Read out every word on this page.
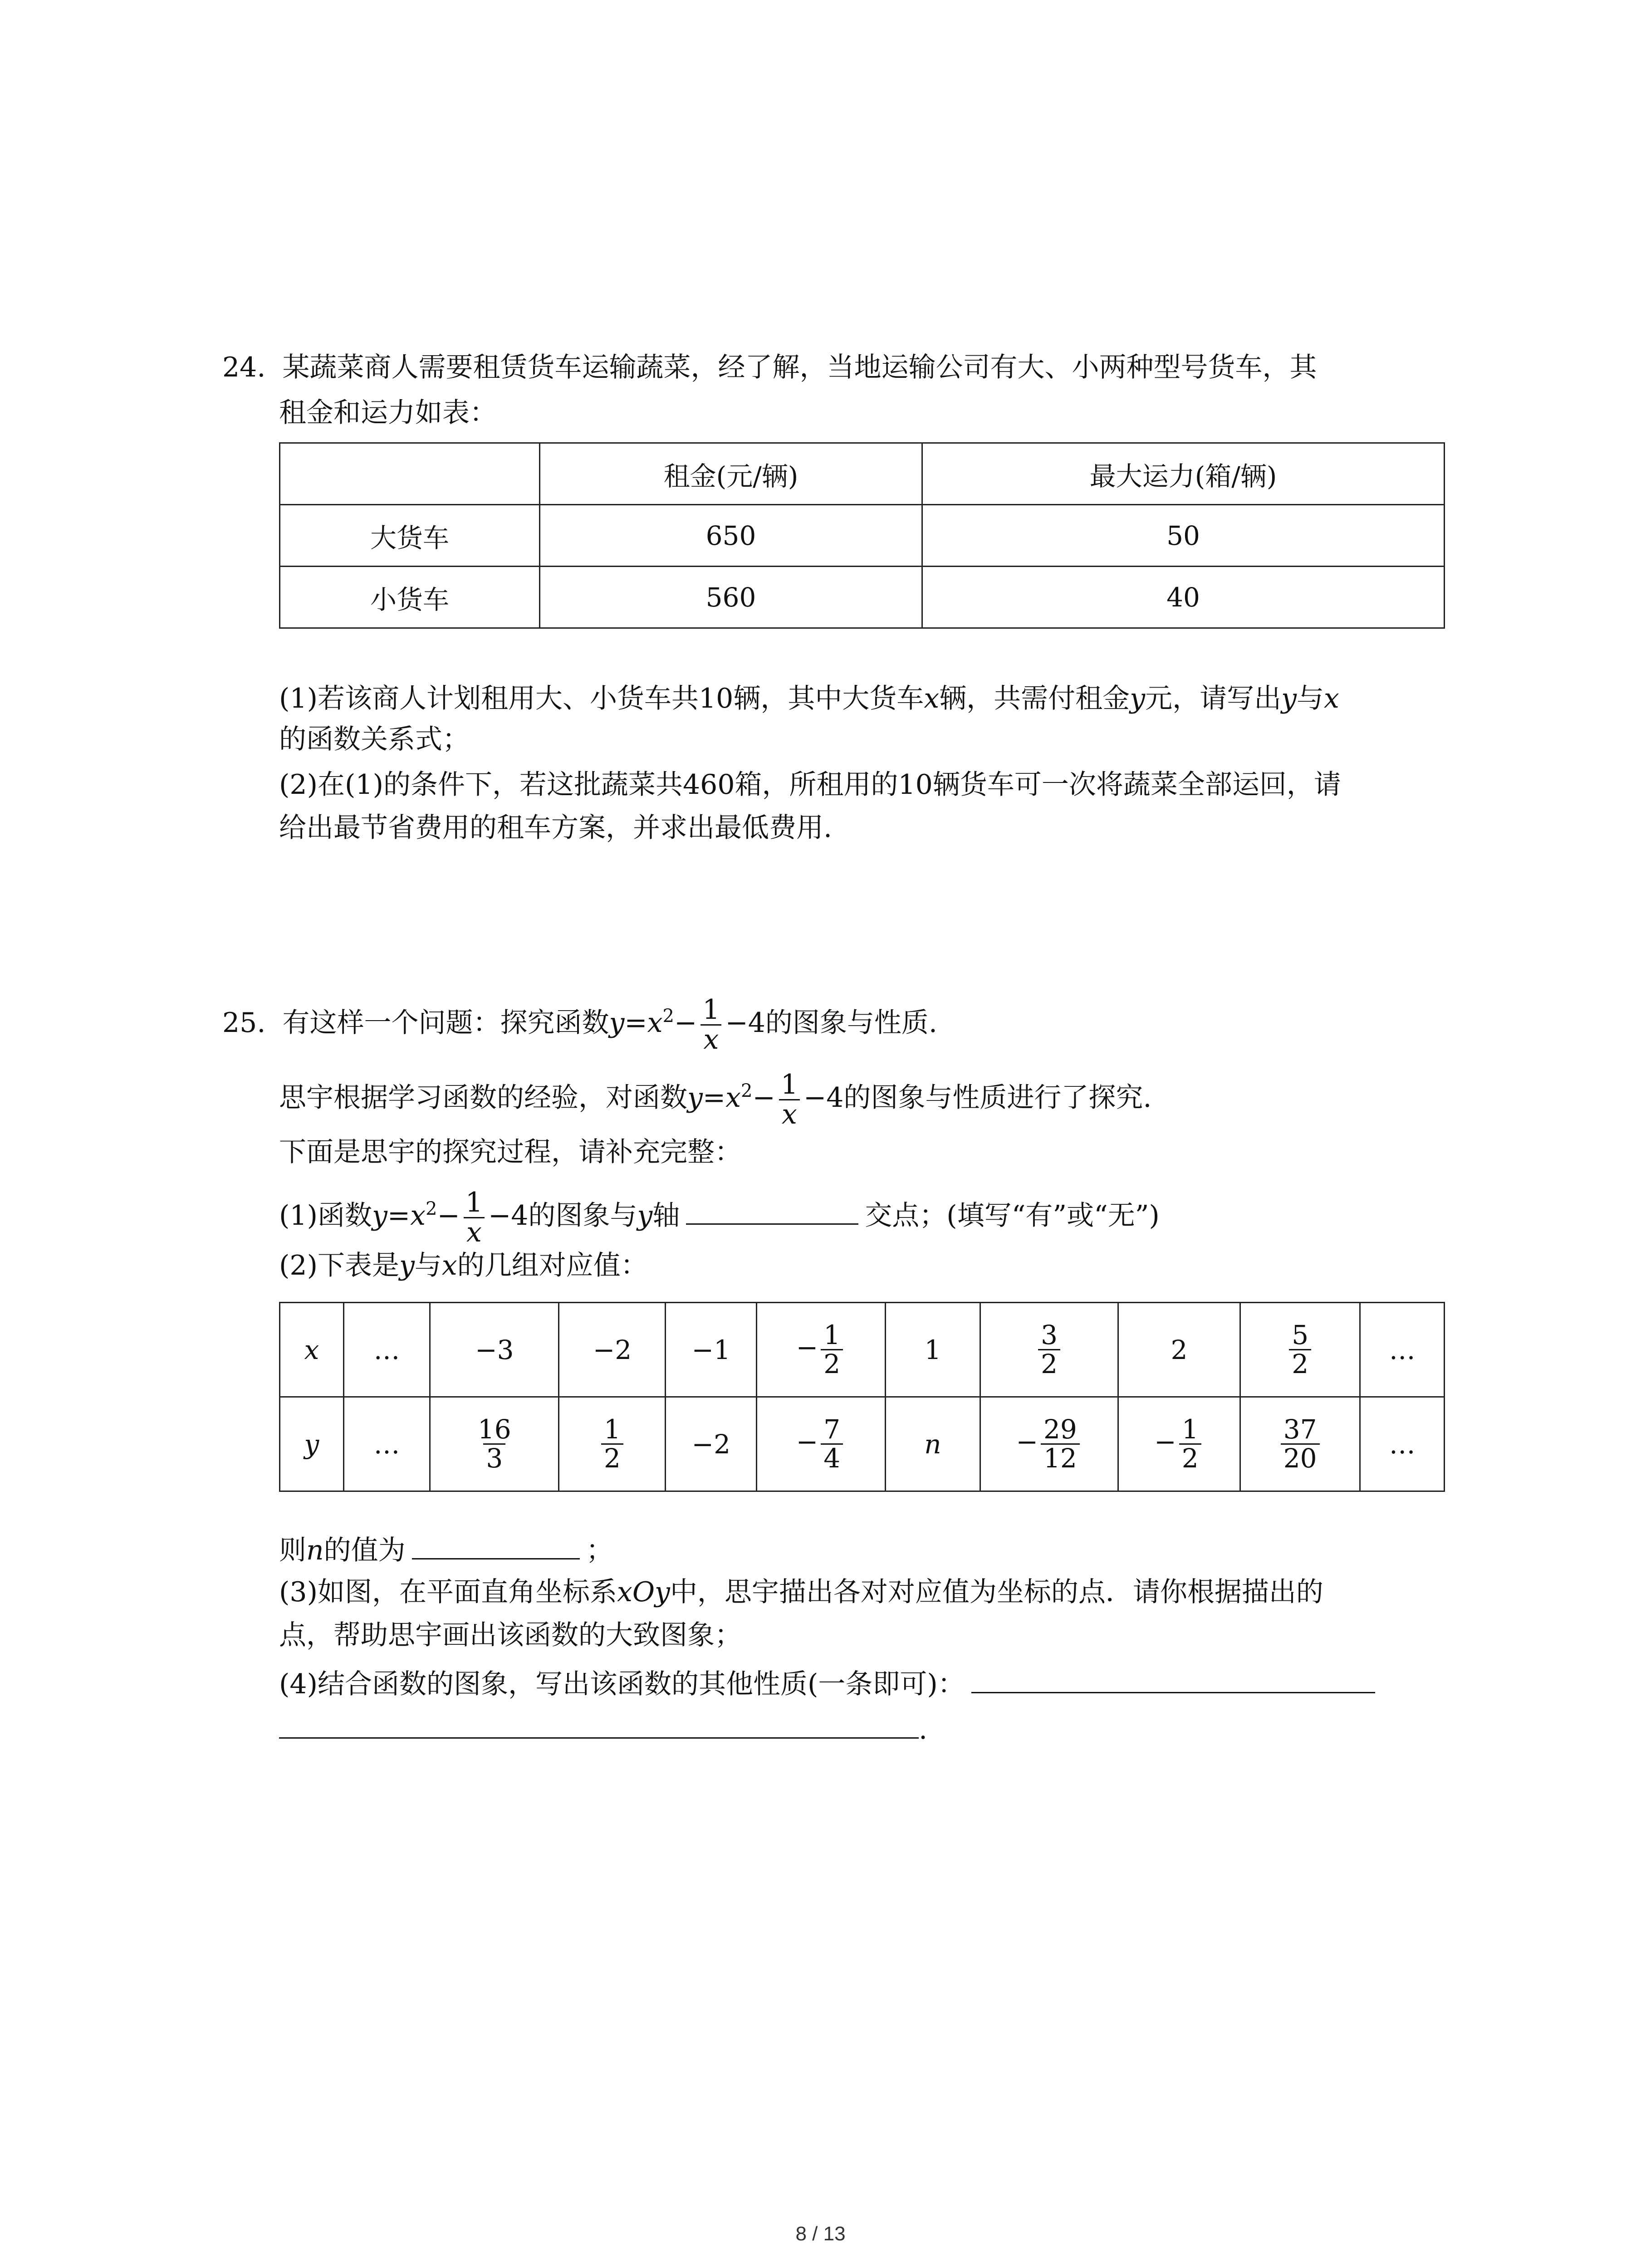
24. 某蔬菜商人需要租赁货车运输蔬菜，经了解，当地运输公司有大、小两种型号货车，其
租金和运力如表：
	租金(元/辆)	最大运力(箱/辆)
大货车	650	50
小货车	560	40
(1)若该商人计划租用大、小货车共10辆，其中大货车x辆，共需付租金y元，请写出y与x
的函数关系式；
(2)在(1)的条件下，若这批蔬菜共460箱，所租用的10辆货车可一次将蔬菜全部运回，请
给出最节省费用的租车方案，并求出最低费用.
25. 有这样一个问题：探究函数$y=x^2- \frac{1}{x} -4$的图象与性质.
思宇根据学习函数的经验，对函数$y=x^2- \frac{1}{x} -4$的图象与性质进行了探究.
下面是思宇的探究过程，请补充完整：
(1)函数$y=x^2- \frac{1}{x} -4$的图象与y轴	交点；(填写“有”或“无”)
(2)下表是y与x的几组对应值：
x	…	−3	−2	−1	− $\frac{1}{2}$	1	$\frac{3}{2}$	2	$\frac{5}{2}$	…
y	…	$\frac{16}{3}$	$\frac{1}{2}$	−2	− $\frac{7}{4}$	n	− $\frac{29}{12}$	− $\frac{1}{2}$	$\frac{37}{20}$	…
则n的值为	；
(3)如图，在平面直角坐标系xOy中，思宇描出各对对应值为坐标的点．请你根据描出的
点，帮助思宇画出该函数的大致图象；
(4)结合函数的图象，写出该函数的其他性质(一条即可)：
.
8 / 13
